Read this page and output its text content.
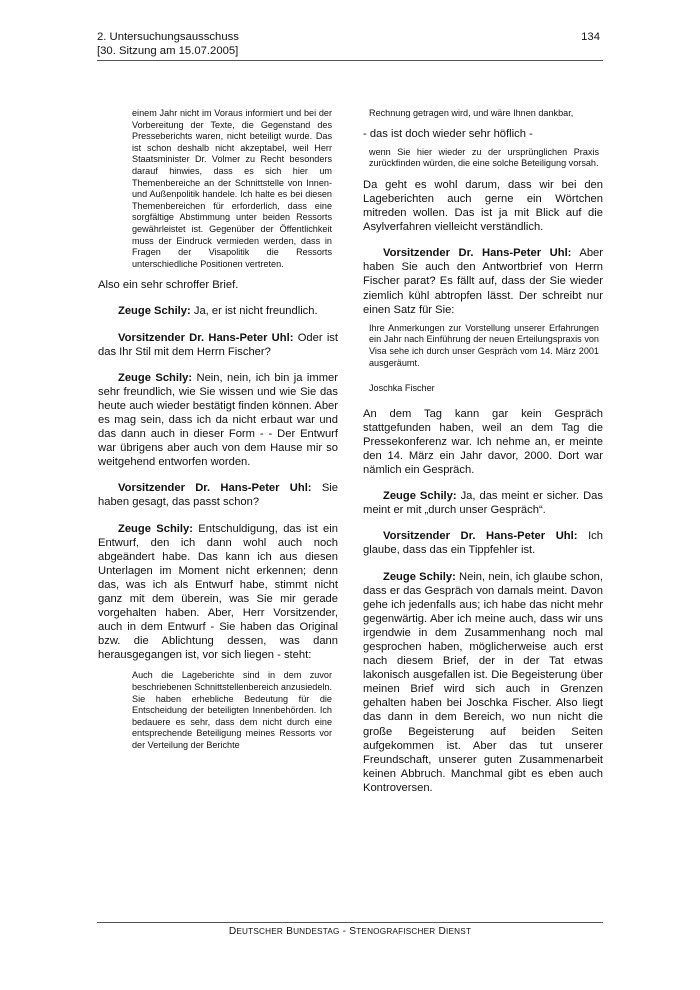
2. Untersuchungsausschuss
[30. Sitzung am 15.07.2005]
134

einem Jahr nicht im Voraus informiert und bei der Vorbereitung der Texte, die Gegenstand des Presseberichts waren, nicht beteiligt wurde. Das ist schon deshalb nicht akzeptabel, weil Herr Staatsminister Dr. Volmer zu Recht besonders darauf hinwies, dass es sich hier um Themenbereiche an der Schnittstelle von Innen- und Außenpolitik handele. Ich halte es bei diesen Themenbereichen für erforderlich, dass eine sorgfältige Abstimmung unter beiden Ressorts gewährleistet ist. Gegenüber der Öffentlichkeit muss der Eindruck vermieden werden, dass in Fragen der Visapolitik die Ressorts unterschiedliche Positionen vertreten.

Also ein sehr schroffer Brief.

Zeuge Schily: Ja, er ist nicht freundlich.

Vorsitzender Dr. Hans-Peter Uhl: Oder ist das Ihr Stil mit dem Herrn Fischer?

Zeuge Schily: Nein, nein, ich bin ja immer sehr freundlich, wie Sie wissen und wie Sie das heute auch wieder bestätigt finden können. Aber es mag sein, dass ich da nicht erbaut war und das dann auch in dieser Form - - Der Entwurf war übrigens aber auch von dem Hause mir so weitgehend entworfen worden.

Vorsitzender Dr. Hans-Peter Uhl: Sie haben gesagt, das passt schon?

Zeuge Schily: Entschuldigung, das ist ein Entwurf, den ich dann wohl auch noch abgeändert habe. Das kann ich aus diesen Unterlagen im Moment nicht erkennen; denn das, was ich als Entwurf habe, stimmt nicht ganz mit dem überein, was Sie mir gerade vorgehalten haben. Aber, Herr Vorsitzender, auch in dem Entwurf - Sie haben das Original bzw. die Ablichtung dessen, was dann herausgegangen ist, vor sich liegen - steht:

Auch die Lageberichte sind in dem zuvor beschriebenen Schnittstellenbereich anzusiedeln. Sie haben erhebliche Bedeutung für die Entscheidung der beteiligten Innenbehörden. Ich bedauere es sehr, dass dem nicht durch eine entsprechende Beteiligung meines Ressorts vor der Verteilung der Berichte

Rechnung getragen wird, und wäre Ihnen dankbar,

- das ist doch wieder sehr höflich -

wenn Sie hier wieder zu der ursprünglichen Praxis zurückfinden würden, die eine solche Beteiligung vorsah.

Da geht es wohl darum, dass wir bei den Lageberichten auch gerne ein Wörtchen mitreden wollen. Das ist ja mit Blick auf die Asylverfahren vielleicht verständlich.

Vorsitzender Dr. Hans-Peter Uhl: Aber haben Sie auch den Antwortbrief von Herrn Fischer parat? Es fällt auf, dass der Sie wieder ziemlich kühl abtropfen lässt. Der schreibt nur einen Satz für Sie:

Ihre Anmerkungen zur Vorstellung unserer Erfahrungen ein Jahr nach Einführung der neuen Erteilungspraxis von Visa sehe ich durch unser Gespräch vom 14. März 2001 ausgeräumt.

Joschka Fischer

An dem Tag kann gar kein Gespräch stattgefunden haben, weil an dem Tag die Pressekonferenz war. Ich nehme an, er meinte den 14. März ein Jahr davor, 2000. Dort war nämlich ein Gespräch.

Zeuge Schily: Ja, das meint er sicher. Das meint er mit „durch unser Gespräch“.

Vorsitzender Dr. Hans-Peter Uhl: Ich glaube, dass das ein Tippfehler ist.

Zeuge Schily: Nein, nein, ich glaube schon, dass er das Gespräch von damals meint. Davon gehe ich jedenfalls aus; ich habe das nicht mehr gegenwärtig. Aber ich meine auch, dass wir uns irgendwie in dem Zusammenhang noch mal gesprochen haben, möglicherweise auch erst nach diesem Brief, der in der Tat etwas lakonisch ausgefallen ist. Die Begeisterung über meinen Brief wird sich auch in Grenzen gehalten haben bei Joschka Fischer. Also liegt das dann in dem Bereich, wo nun nicht die große Begeisterung auf beiden Seiten aufgekommen ist. Aber das tut unserer Freundschaft, unserer guten Zusammenarbeit keinen Abbruch. Manchmal gibt es eben auch Kontroversen.

DEUTSCHER BUNDESTAG - STENOGRAFISCHER DIENST
